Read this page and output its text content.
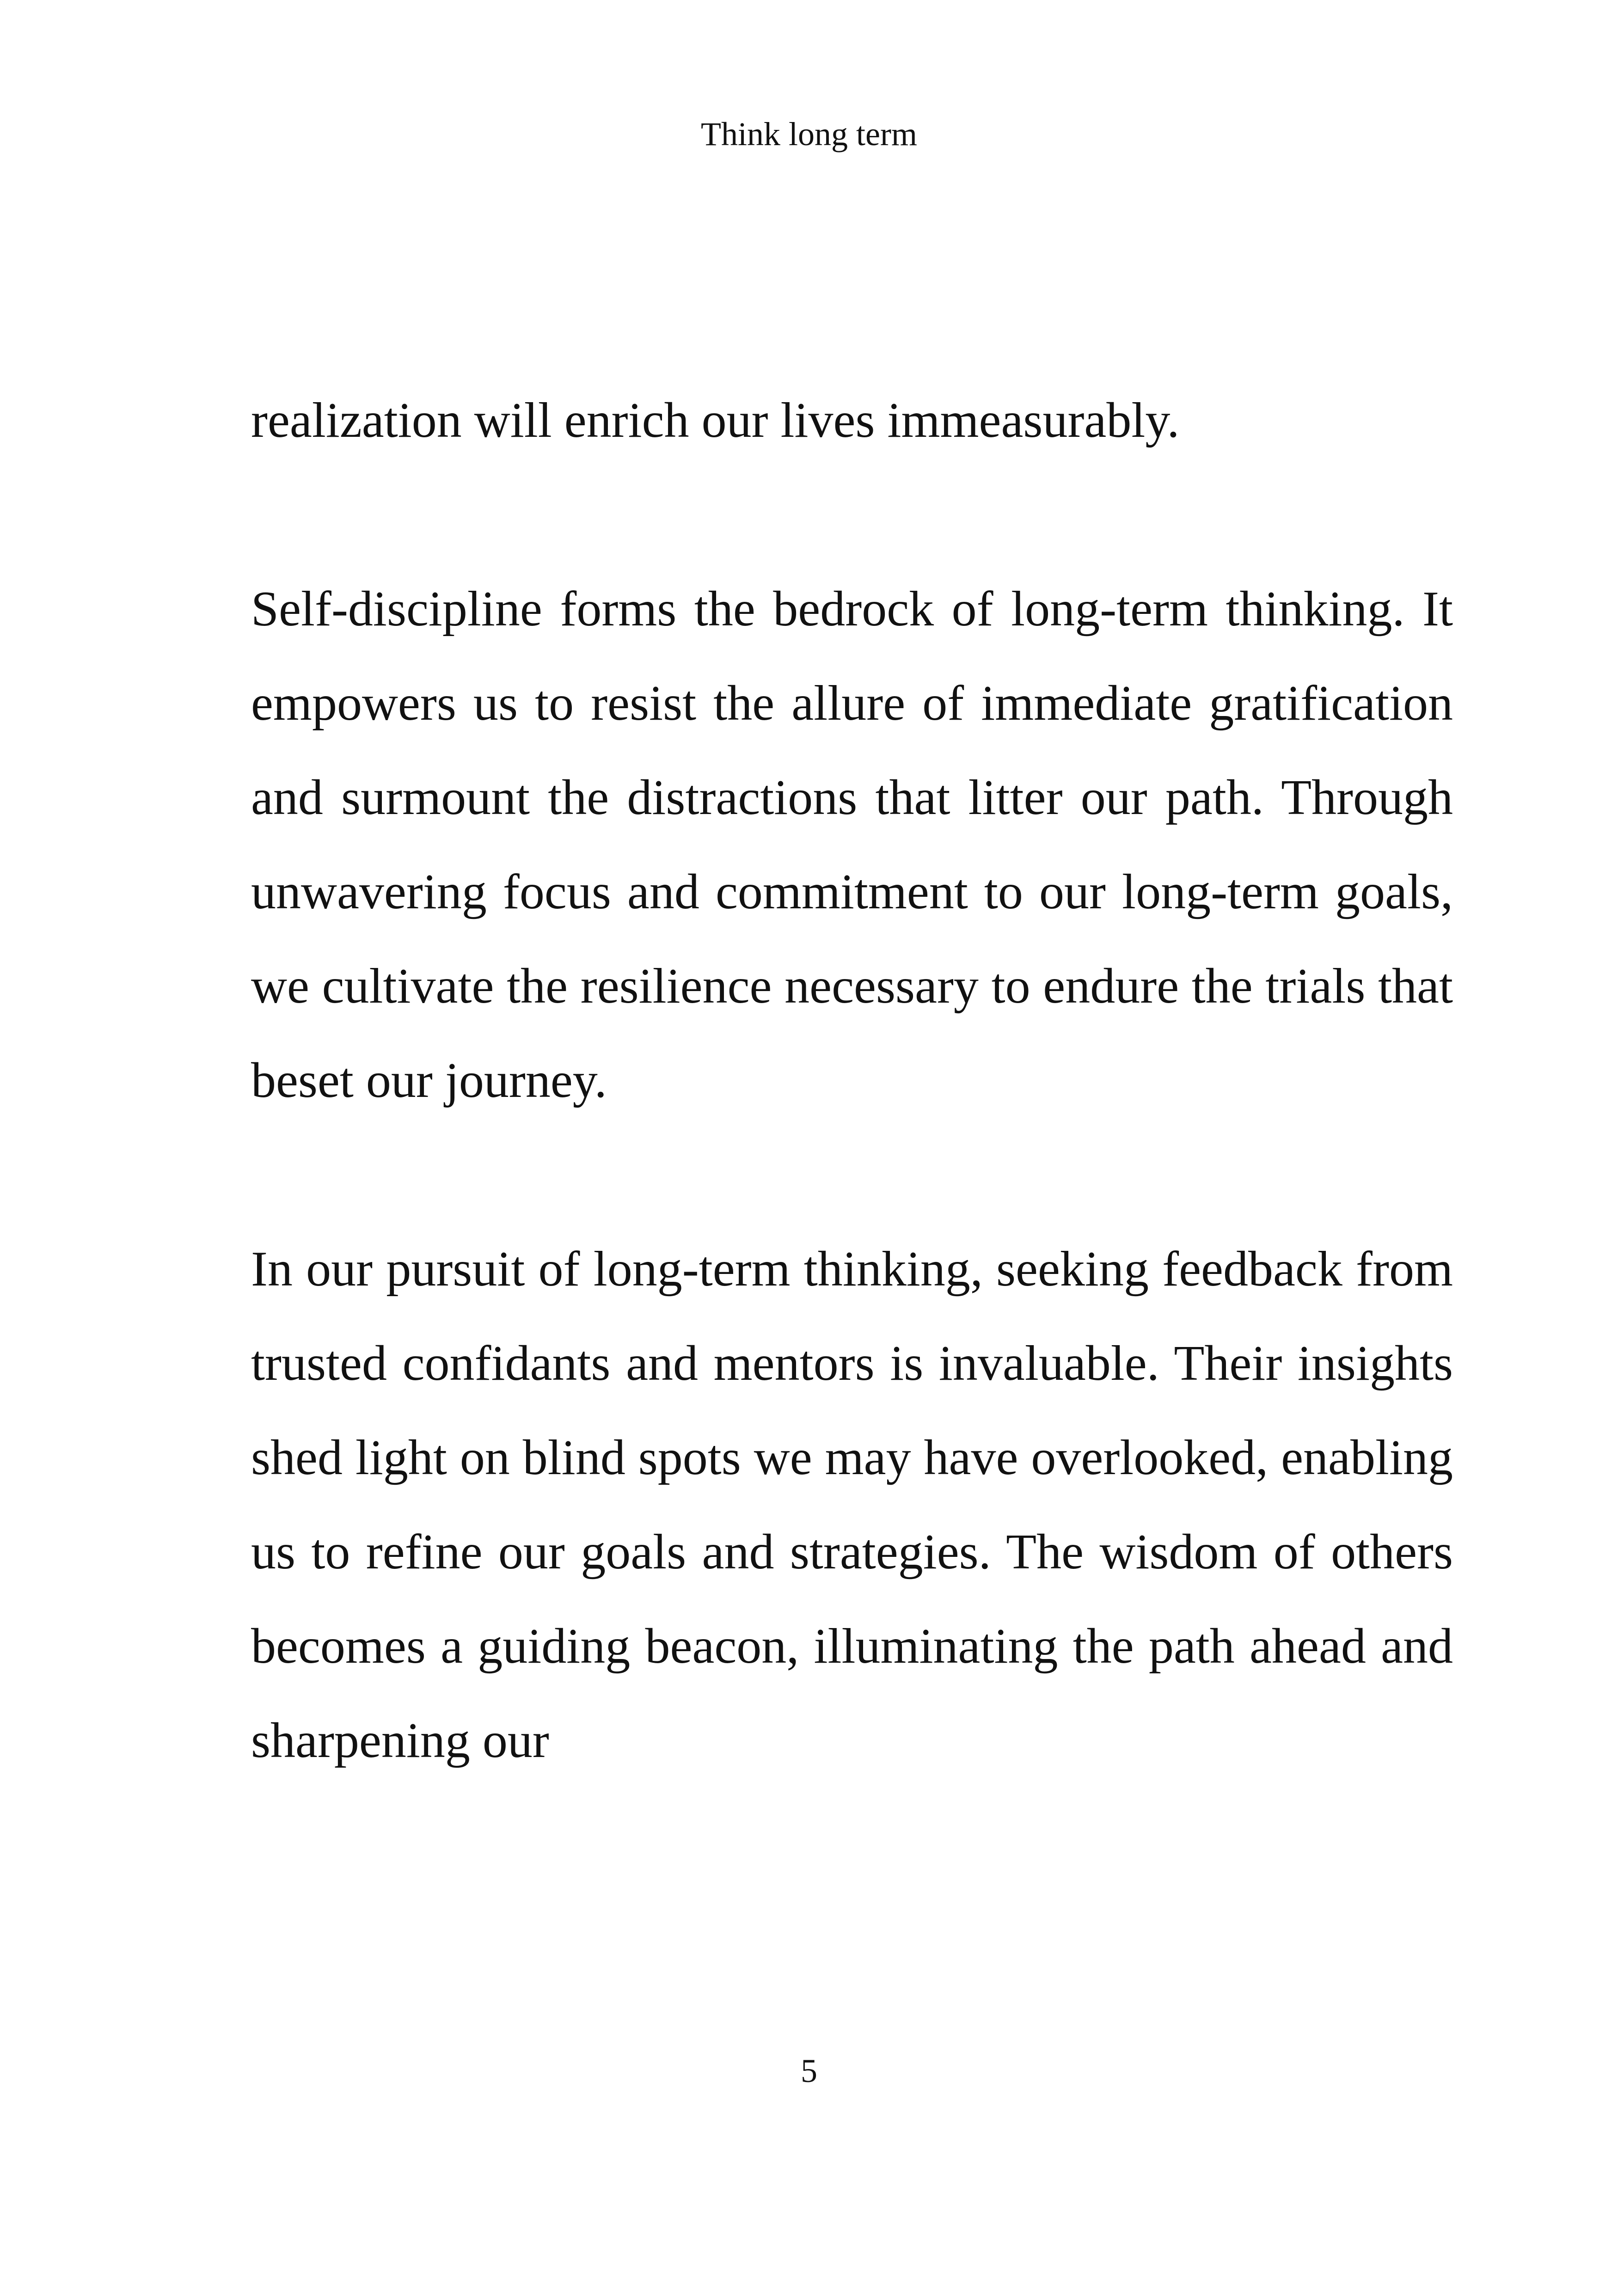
Think long term

realization will enrich our lives immeasurably.

Self-discipline forms the bedrock of long-term thinking. It empowers us to resist the allure of immediate gratification and surmount the distractions that litter our path. Through unwavering focus and commitment to our long-term goals, we cultivate the resilience necessary to endure the trials that beset our journey.

In our pursuit of long-term thinking, seeking feedback from trusted confidants and mentors is invaluable. Their insights shed light on blind spots we may have overlooked, enabling us to refine our goals and strategies. The wisdom of others becomes a guiding beacon, illuminating the path ahead and sharpening our

5
